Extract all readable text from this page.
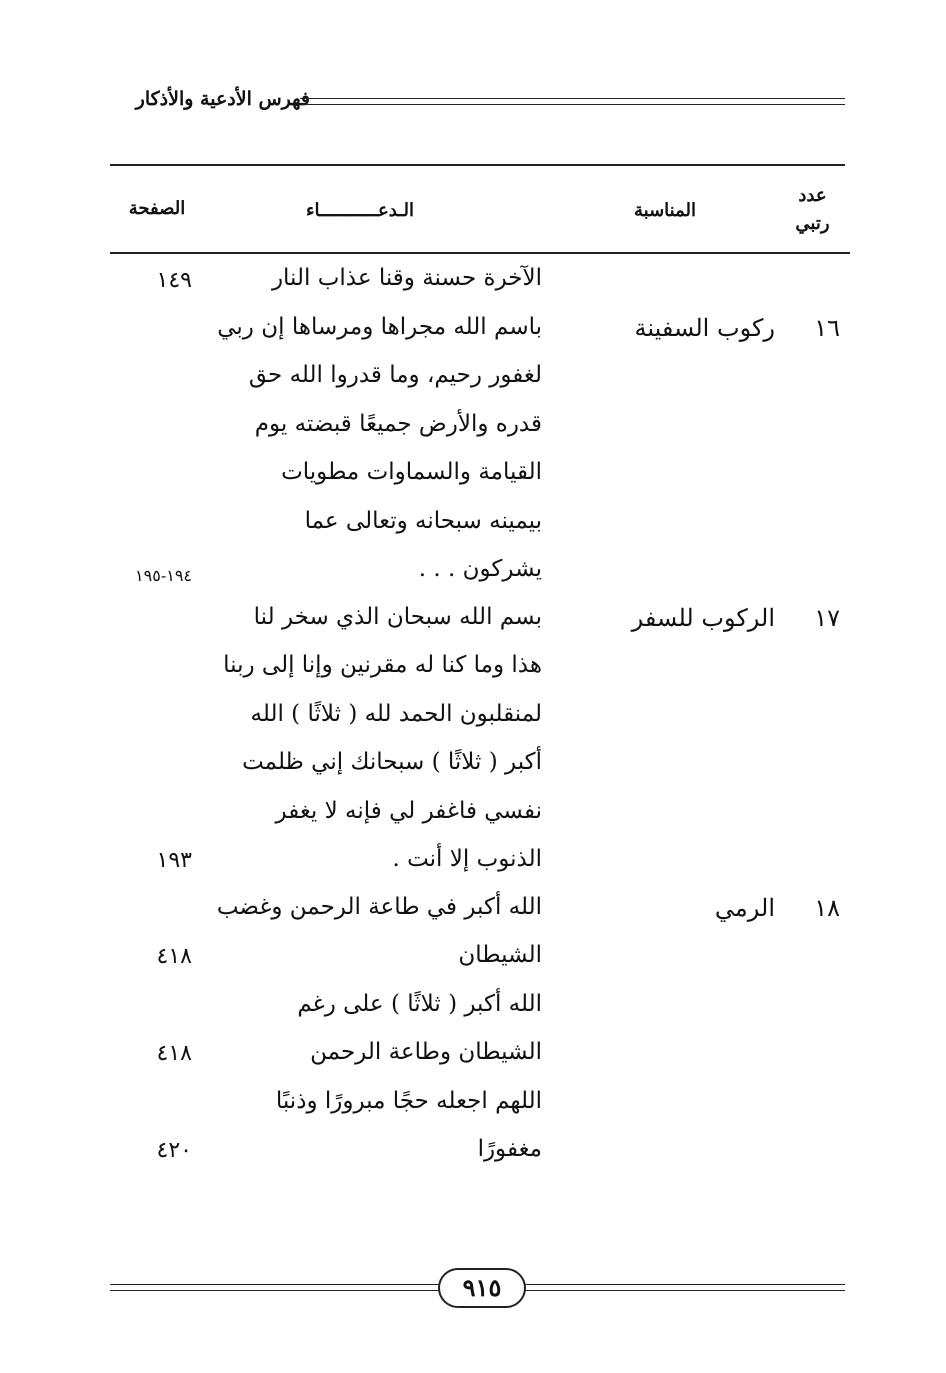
فهرس الأدعية والأذكار
عدد رتبي
المناسبة
الـدعـــــــــــاء
الصفحة
الآخرة حسنة وقنا عذاب النار
١٤٩
١٦
ركوب السفينة
باسم الله مجراها ومرساها إن ربي
لغفور رحيم، وما قدروا الله حق
قدره والأرض جميعًا قبضته يوم
القيامة والسماوات مطويات
بيمينه سبحانه وتعالى عما
يشركون . . .
١٩٤-١٩٥
١٧
الركوب للسفر
بسم الله سبحان الذي سخر لنا
هذا وما كنا له مقرنين وإنا إلى ربنا
لمنقلبون الحمد لله ( ثلاثًا ) الله
أكبر ( ثلاثًا ) سبحانك إني ظلمت
نفسي فاغفر لي فإنه لا يغفر
الذنوب إلا أنت .
١٩٣
١٨
الرمي
الله أكبر في طاعة الرحمن وغضب
الشيطان
٤١٨
الله أكبر ( ثلاثًا ) على رغم
الشيطان وطاعة الرحمن
٤١٨
اللهم اجعله حجًا مبرورًا وذنبًا
مغفورًا
٤٢٠
٩١٥
